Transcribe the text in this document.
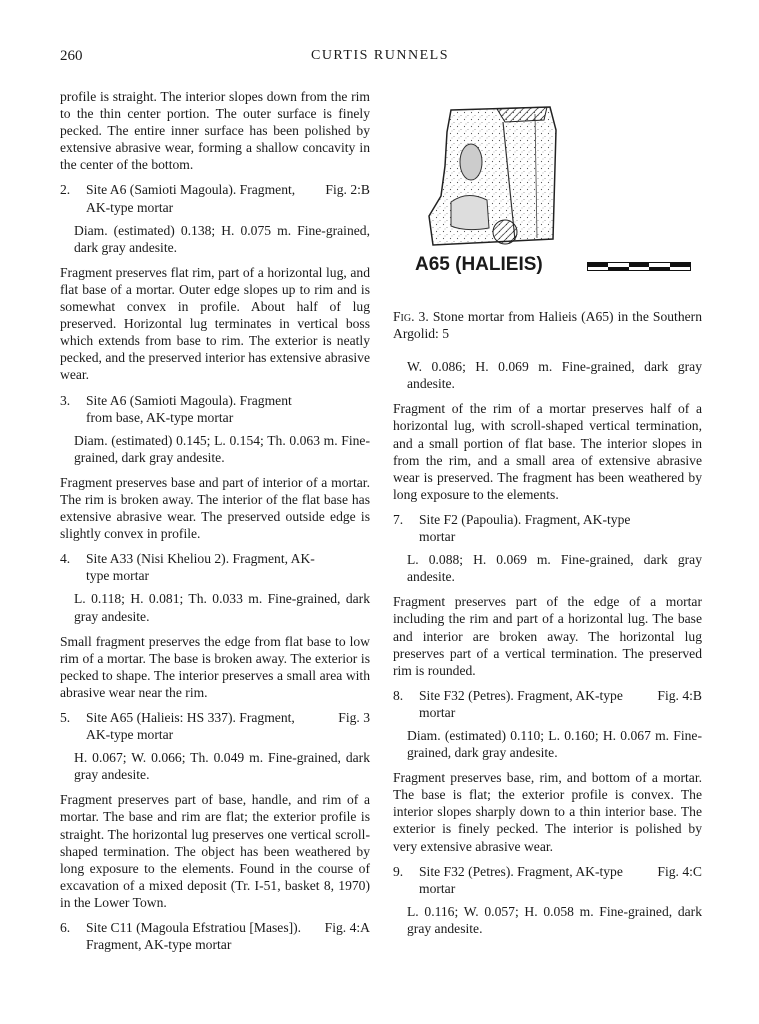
260	CURTIS RUNNELS

profile is straight. The interior slopes down from the rim to the thin center portion. The outer surface is finely pecked. The entire inner surface has been polished by extensive abrasive wear, forming a shallow concavity in the center of the bottom.

2.	Site A6 (Samioti Magoula). Fragment, AK-type mortar
Fig. 2:B

Diam. (estimated) 0.138; H. 0.075 m. Fine-grained, dark gray andesite.

Fragment preserves flat rim, part of a horizontal lug, and flat base of a mortar. Outer edge slopes up to rim and is somewhat convex in profile. About half of lug preserved. Horizontal lug terminates in vertical boss which extends from base to rim. The exterior is neatly pecked, and the preserved interior has extensive abrasive wear.

3.	Site A6 (Samioti Magoula). Fragment from base, AK-type mortar

Diam. (estimated) 0.145; L. 0.154; Th. 0.063 m. Fine-grained, dark gray andesite.

Fragment preserves base and part of interior of a mortar. The rim is broken away. The interior of the flat base has extensive abrasive wear. The preserved outside edge is slightly convex in profile.

4.	Site A33 (Nisi Kheliou 2). Fragment, AK-type mortar

L. 0.118; H. 0.081; Th. 0.033 m. Fine-grained, dark gray andesite.

Small fragment preserves the edge from flat base to low rim of a mortar. The base is broken away. The exterior is pecked to shape. The interior preserves a small area with abrasive wear near the rim.

5.	Site A65 (Halieis: HS 337). Fragment, AK-type mortar
Fig. 3

H. 0.067; W. 0.066; Th. 0.049 m. Fine-grained, dark gray andesite.

Fragment preserves part of base, handle, and rim of a mortar. The base and rim are flat; the exterior profile is straight. The horizontal lug preserves one vertical scroll-shaped termination. The object has been weathered by long exposure to the elements. Found in the course of excavation of a mixed deposit (Tr. I-51, basket 8, 1970) in the Lower Town.

6.	Site C11 (Magoula Efstratiou [Mases]). Fragment, AK-type mortar
Fig. 4:A
A65 (HALIEIS)

Fig. 3. Stone mortar from Halieis (A65) in the Southern Argolid: 5

W. 0.086; H. 0.069 m. Fine-grained, dark gray andesite.

Fragment of the rim of a mortar preserves half of a horizontal lug, with scroll-shaped vertical termination, and a small portion of flat base. The interior slopes in from the rim, and a small area of extensive abrasive wear is preserved. The fragment has been weathered by long exposure to the elements.

7.	Site F2 (Papoulia). Fragment, AK-type mortar

L. 0.088; H. 0.069 m. Fine-grained, dark gray andesite.

Fragment preserves part of the edge of a mortar including the rim and part of a horizontal lug. The base and interior are broken away. The horizontal lug preserves part of a vertical termination. The preserved rim is rounded.

8.	Site F32 (Petres). Fragment, AK-type mortar
Fig. 4:B

Diam. (estimated) 0.110; L. 0.160; H. 0.067 m. Fine-grained, dark gray andesite.

Fragment preserves base, rim, and bottom of a mortar. The base is flat; the exterior profile is convex. The interior slopes sharply down to a thin interior base. The exterior is finely pecked. The interior is polished by very extensive abrasive wear.

9.	Site F32 (Petres). Fragment, AK-type mortar
Fig. 4:C

L. 0.116; W. 0.057; H. 0.058 m. Fine-grained, dark gray andesite.
